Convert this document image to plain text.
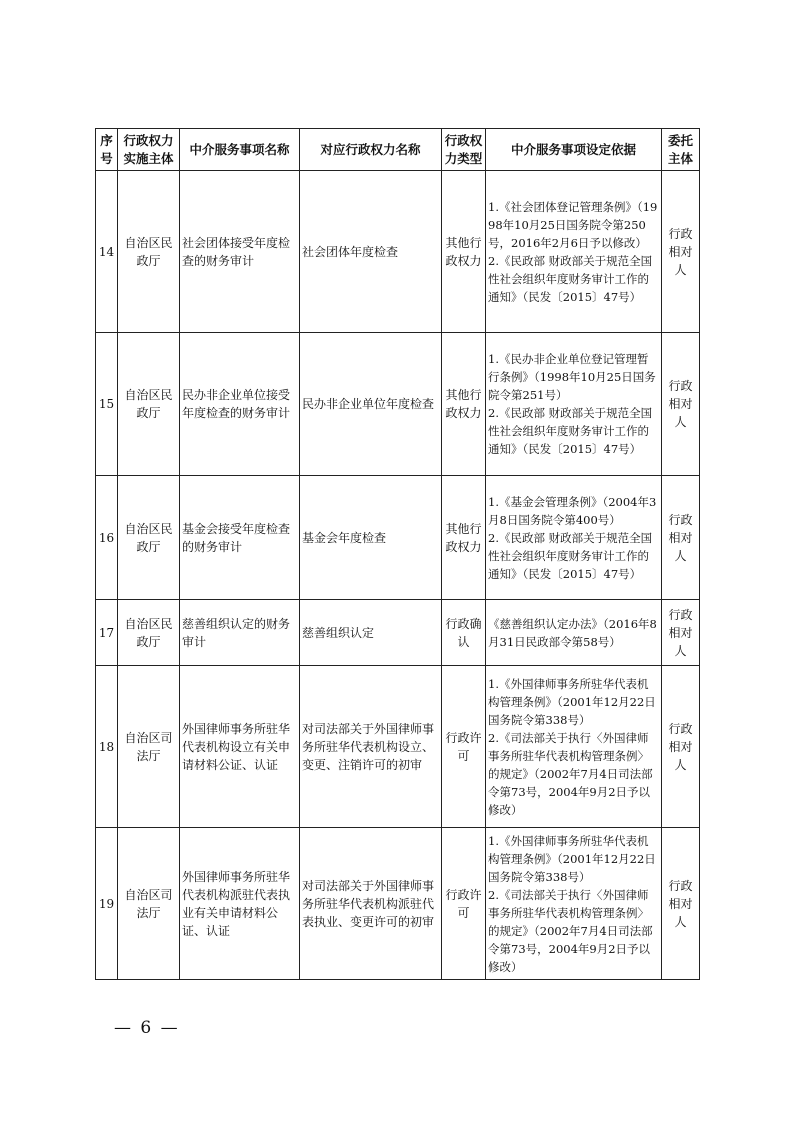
序号	行政权力实施主体	中介服务事项名称	对应行政权力名称	行政权力类型	中介服务事项设定依据	委托主体
14	自治区民政厅	社会团体接受年度检查的财务审计	社会团体年度检查	其他行政权力	1.《社会团体登记管理条例》（1998年10月25日国务院令第250号，2016年2月6日予以修改）
2.《民政部 财政部关于规范全国性社会组织年度财务审计工作的通知》（民发〔2015〕47号）	行政相对人
15	自治区民政厅	民办非企业单位接受年度检查的财务审计	民办非企业单位年度检查	其他行政权力	1.《民办非企业单位登记管理暂行条例》（1998年10月25日国务院令第251号）
2.《民政部 财政部关于规范全国性社会组织年度财务审计工作的通知》（民发〔2015〕47号）	行政相对人
16	自治区民政厅	基金会接受年度检查的财务审计	基金会年度检查	其他行政权力	1.《基金会管理条例》（2004年3月8日国务院令第400号）
2.《民政部 财政部关于规范全国性社会组织年度财务审计工作的通知》（民发〔2015〕47号）	行政相对人
17	自治区民政厅	慈善组织认定的财务审计	慈善组织认定	行政确认	《慈善组织认定办法》（2016年8月31日民政部令第58号）	行政相对人
18	自治区司法厅	外国律师事务所驻华代表机构设立有关申请材料公证、认证	对司法部关于外国律师事务所驻华代表机构设立、变更、注销许可的初审	行政许可	1.《外国律师事务所驻华代表机构管理条例》（2001年12月22日国务院令第338号）
2.《司法部关于执行〈外国律师事务所驻华代表机构管理条例〉的规定》（2002年7月4日司法部令第73号，2004年9月2日予以修改）	行政相对人
19	自治区司法厅	外国律师事务所驻华代表机构派驻代表执业有关申请材料公证、认证	对司法部关于外国律师事务所驻华代表机构派驻代表执业、变更许可的初审	行政许可	1.《外国律师事务所驻华代表机构管理条例》（2001年12月22日国务院令第338号）
2.《司法部关于执行〈外国律师事务所驻华代表机构管理条例〉的规定》（2002年7月4日司法部令第73号，2004年9月2日予以修改）	行政相对人
— 6 —
